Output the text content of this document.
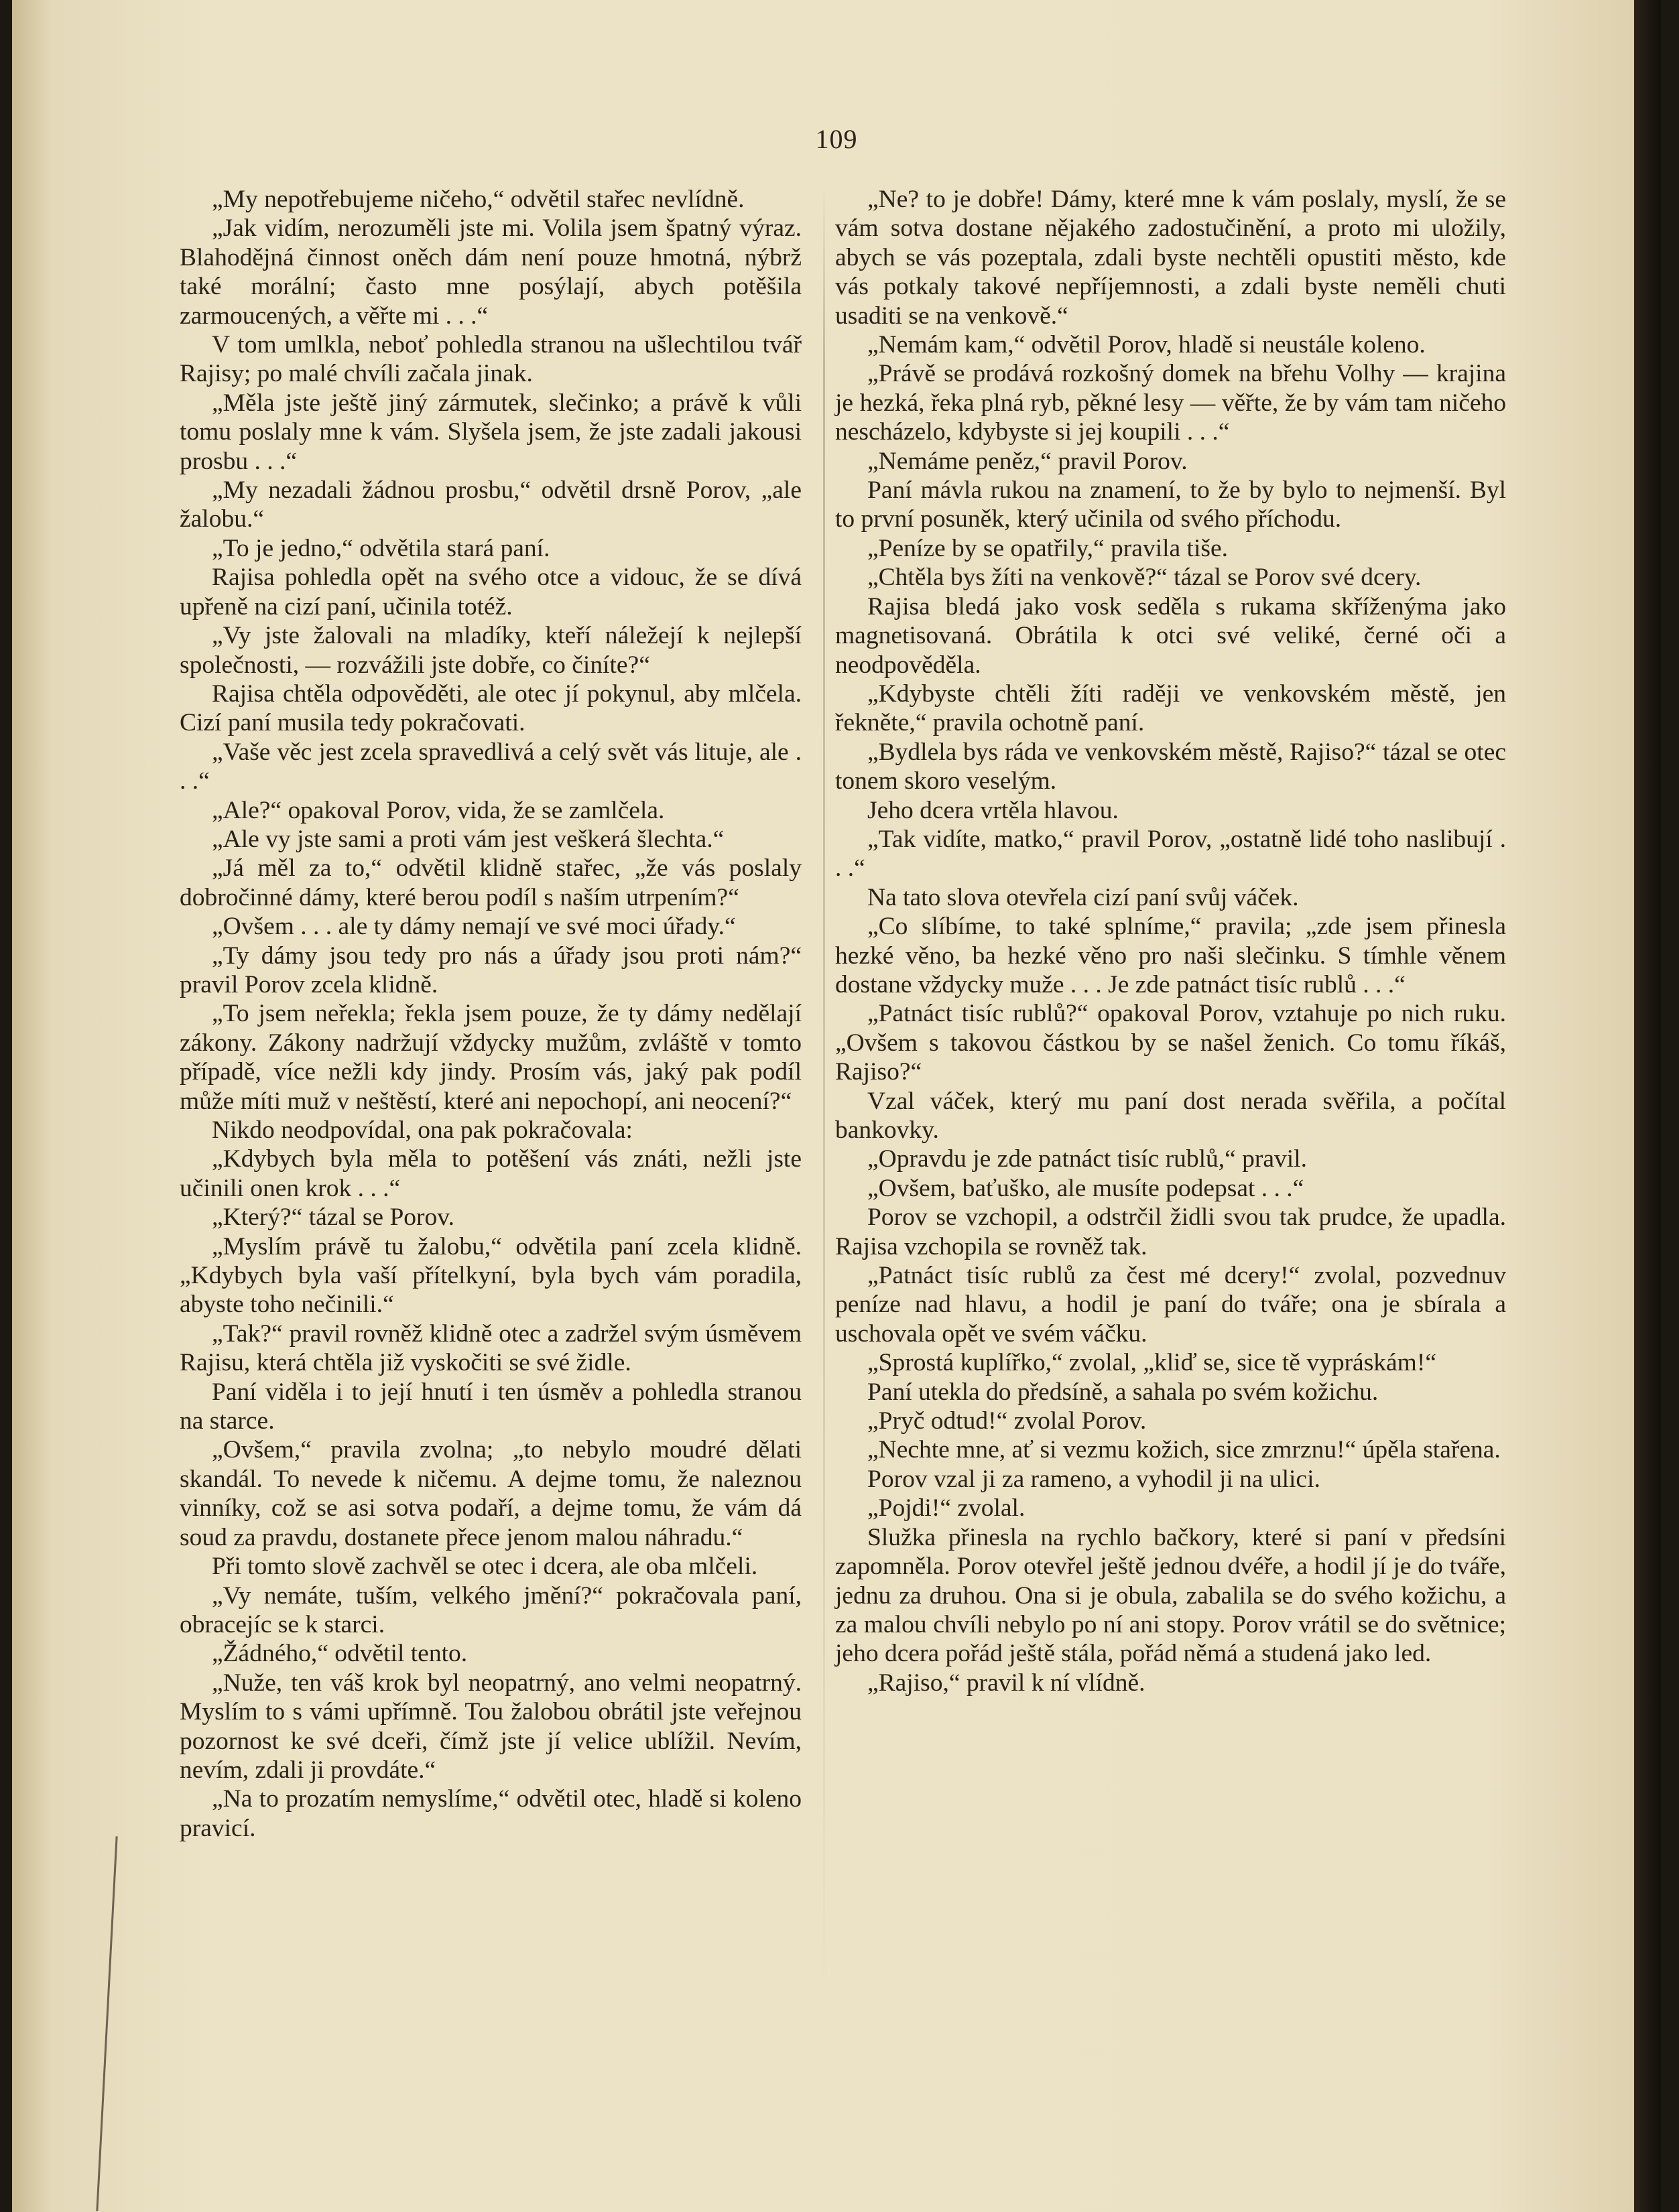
109

„My nepotřebujeme ničeho,“ odvětil stařec nevlídně.

„Jak vidím, nerozuměli jste mi. Volila jsem špatný výraz. Blahodějná činnost oněch dám není pouze hmotná, nýbrž také morální; často mne posýlají, abych potěšila zarmoucených, a věřte mi . . .“

V tom umlkla, neboť pohledla stranou na ušlechtilou tvář Rajisy; po malé chvíli začala jinak.

„Měla jste ještě jiný zármutek, slečinko; a právě k vůli tomu poslaly mne k vám. Slyšela jsem, že jste zadali jakousi prosbu . . .“

„My nezadali žádnou prosbu,“ odvětil drsně Porov, „ale žalobu.“

„To je jedno,“ odvětila stará paní.

Rajisa pohledla opět na svého otce a vidouc, že se dívá upřeně na cizí paní, učinila totéž.

„Vy jste žalovali na mladíky, kteří náležejí k nejlepší společnosti, — rozvážili jste dobře, co činíte?“

Rajisa chtěla odpověděti, ale otec jí pokynul, aby mlčela. Cizí paní musila tedy pokračovati.

„Vaše věc jest zcela spravedlivá a celý svět vás lituje, ale . . .“

„Ale?“ opakoval Porov, vida, že se zamlčela.

„Ale vy jste sami a proti vám jest veškerá šlechta.“

„Já měl za to,“ odvětil klidně stařec, „že vás poslaly dobročinné dámy, které berou podíl s naším utrpením?“

„Ovšem . . . ale ty dámy nemají ve své moci úřady.“

„Ty dámy jsou tedy pro nás a úřady jsou proti nám?“ pravil Porov zcela klidně.

„To jsem neřekla; řekla jsem pouze, že ty dámy nedělají zákony. Zákony nadržují vždycky mužům, zvláště v tomto případě, více nežli kdy jindy. Prosím vás, jaký pak podíl může míti muž v neštěstí, které ani nepochopí, ani neocení?“

Nikdo neodpovídal, ona pak pokračovala:

„Kdybych byla měla to potěšení vás znáti, nežli jste učinili onen krok . . .“

„Který?“ tázal se Porov.

„Myslím právě tu žalobu,“ odvětila paní zcela klidně. „Kdybych byla vaší přítelkyní, byla bych vám poradila, abyste toho nečinili.“

„Tak?“ pravil rovněž klidně otec a zadržel svým úsměvem Rajisu, která chtěla již vyskočiti se své židle.

Paní viděla i to její hnutí i ten úsměv a pohledla stranou na starce.

„Ovšem,“ pravila zvolna; „to nebylo moudré dělati skandál. To nevede k ničemu. A dejme tomu, že naleznou vinníky, což se asi sotva podaří, a dejme tomu, že vám dá soud za pravdu, dostanete přece jenom malou náhradu.“

Při tomto slově zachvěl se otec i dcera, ale oba mlčeli.

„Vy nemáte, tuším, velkého jmění?“ pokračovala paní, obracejíc se k starci.

„Žádného,“ odvětil tento.

„Nuže, ten váš krok byl neopatrný, ano velmi neopatrný. Myslím to s vámi upřímně. Tou žalobou obrátil jste veřejnou pozornost ke své dceři, čímž jste jí velice ublížil. Nevím, nevím, zdali ji provdáte.“

„Na to prozatím nemyslíme,“ odvětil otec, hladě si koleno pravicí.

„Ne? to je dobře! Dámy, které mne k vám poslaly, myslí, že se vám sotva dostane nějakého zadostučinění, a proto mi uložily, abych se vás pozeptala, zdali byste nechtěli opustiti město, kde vás potkaly takové nepříjemnosti, a zdali byste neměli chuti usaditi se na venkově.“

„Nemám kam,“ odvětil Porov, hladě si neustále koleno.

„Právě se prodává rozkošný domek na břehu Volhy — krajina je hezká, řeka plná ryb, pěkné lesy — věřte, že by vám tam ničeho nescházelo, kdybyste si jej koupili . . .“

„Nemáme peněz,“ pravil Porov.

Paní mávla rukou na znamení, to že by bylo to nejmenší. Byl to první posuněk, který učinila od svého příchodu.

„Peníze by se opatřily,“ pravila tiše.

„Chtěla bys žíti na venkově?“ tázal se Porov své dcery.

Rajisa bledá jako vosk seděla s rukama skříženýma jako magnetisovaná. Obrátila k otci své veliké, černé oči a neodpověděla.

„Kdybyste chtěli žíti raději ve venkovském městě, jen řekněte,“ pravila ochotně paní.

„Bydlela bys ráda ve venkovském městě, Rajiso?“ tázal se otec tonem skoro veselým.

Jeho dcera vrtěla hlavou.

„Tak vidíte, matko,“ pravil Porov, „ostatně lidé toho naslibují . . .“

Na tato slova otevřela cizí paní svůj váček.

„Co slíbíme, to také splníme,“ pravila; „zde jsem přinesla hezké věno, ba hezké věno pro naši slečinku. S tímhle věnem dostane vždycky muže . . . Je zde patnáct tisíc rublů . . .“

„Patnáct tisíc rublů?“ opakoval Porov, vztahuje po nich ruku. „Ovšem s takovou částkou by se našel ženich. Co tomu říkáš, Rajiso?“

Vzal váček, který mu paní dost nerada svěřila, a počítal bankovky.

„Opravdu je zde patnáct tisíc rublů,“ pravil.

„Ovšem, baťuško, ale musíte podepsat . . .“

Porov se vzchopil, a odstrčil židli svou tak prudce, že upadla. Rajisa vzchopila se rovněž tak.

„Patnáct tisíc rublů za čest mé dcery!“ zvolal, pozvednuv peníze nad hlavu, a hodil je paní do tváře; ona je sbírala a uschovala opět ve svém váčku.

„Sprostá kuplířko,“ zvolal, „kliď se, sice tě vypráskám!“

Paní utekla do předsíně, a sahala po svém kožichu.

„Pryč odtud!“ zvolal Porov.

„Nechte mne, ať si vezmu kožich, sice zmrznu!“ úpěla stařena.

Porov vzal ji za rameno, a vyhodil ji na ulici.

„Pojdi!“ zvolal.

Služka přinesla na rychlo bačkory, které si paní v předsíni zapomněla. Porov otevřel ještě jednou dvéře, a hodil jí je do tváře, jednu za druhou. Ona si je obula, zabalila se do svého kožichu, a za malou chvíli nebylo po ní ani stopy. Porov vrátil se do světnice; jeho dcera pořád ještě stála, pořád němá a studená jako led.

„Rajiso,“ pravil k ní vlídně.
